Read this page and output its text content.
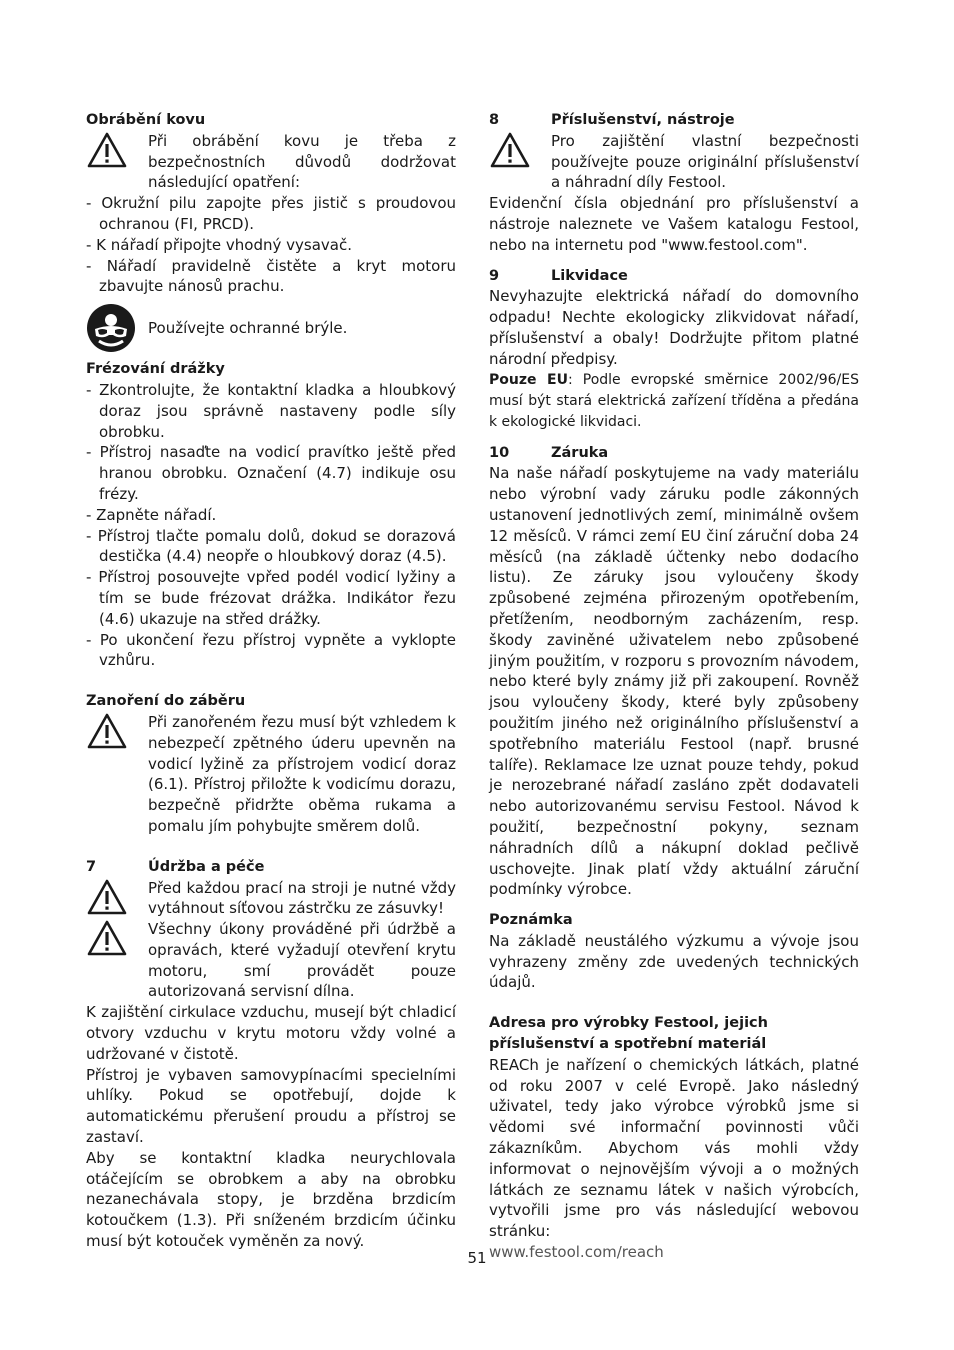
Obrábění kovu

Při obrábění kovu je třeba z bezpečnostních důvodů dodržovat následující opatření:

- Okružní pilu zapojte přes jistič s proudovou ochranou (FI, PRCD).
- K nářadí připojte vhodný vysavač.
- Nářadí pravidelně čistěte a kryt motoru zbavujte nánosů prachu.

Používejte ochranné brýle.

Frézování drážky
- Zkontrolujte, že kontaktní kladka a hloubkový doraz jsou správně nastaveny podle síly obrobku.
- Přístroj nasaďte na vodicí pravítko ještě před hranou obrobku. Označení (4.7) indikuje osu frézy.
- Zapněte nářadí.
- Přístroj tlačte pomalu dolů, dokud se dorazová destička (4.4) neopře o hloubkový doraz (4.5).
- Přístroj posouvejte vpřed podél vodicí lyžiny a tím se bude frézovat drážka. Indikátor řezu (4.6) ukazuje na střed drážky.
- Po ukončení řezu přístroj vypněte a vyklopte vzhůru.
Zanoření do záběru

Při zanořeném řezu musí být vzhledem k nebezpečí zpětného úderu upevněn na vodicí lyžině za přístrojem vodicí doraz (6.1). Přístroj přiložte k vodicímu dorazu, bezpečně přidržte oběma rukama a pomalu jím pohybujte směrem dolů.

7	Údržba a péče

Před každou prací na stroji je nutné vždy vytáhnout síťovou zástrčku ze zásuvky!

Všechny úkony prováděné při údržbě a opravách, které vyžadují otevření krytu motoru, smí provádět pouze autorizovaná servisní dílna.

K zajištění cirkulace vzduchu, musejí být chladicí otvory vzduchu v krytu motoru vždy volné a udržované v čistotě.

Přístroj je vybaven samovypínacími specielními uhlíky. Pokud se opotřebují, dojde k automatickému přerušení proudu a přístroj se zastaví.

Aby se kontaktní kladka neurychlovala otáčejícím se obrobkem a aby na obrobku nezanechávala stopy, je brzděna brzdicím kotoučkem (1.3). Při sníženém brzdicím účinku musí být kotouček vyměněn za nový.

8	Příslušenství, nástroje

Pro zajištění vlastní bezpečnosti používejte pouze originální příslušenství a náhradní díly Festool.

Evidenční čísla objednání pro příslušenství a nástroje naleznete ve Vašem katalogu Festool, nebo na internetu pod "www.festool.com".

9	Likvidace

Nevyhazujte elektrická nářadí do domovního odpadu! Nechte ekologicky zlikvidovat nářadí, příslušenství a obaly! Dodržujte přitom platné národní předpisy.

Pouze EU: Podle evropské směrnice 2002/96/ES musí být stará elektrická zařízení tříděna a předána k ekologické likvidaci.

10	Záruka

Na naše nářadí poskytujeme na vady materiálu nebo výrobní vady záruku podle zákonných ustanovení jednotlivých zemí, minimálně ovšem 12 měsíců. V rámci zemí EU činí záruční doba 24 měsíců (na základě účtenky nebo dodacího listu). Ze záruky jsou vyloučeny škody způsobené zejména přirozeným opotřebením, přetížením, neodborným zacházením, resp. škody zaviněné uživatelem nebo způsobené jiným použitím, v rozporu s provozním návodem, nebo které byly známy již při zakoupení. Rovněž jsou vyloučeny škody, které byly způsobeny použitím jiného než originálního příslušenství a spotřebního materiálu Festool (např. brusné talíře). Reklamace lze uznat pouze tehdy, pokud je nerozebrané nářadí zasláno zpět dodavateli nebo autorizovanému servisu Festool. Návod k použití, bezpečnostní pokyny, seznam náhradních dílů a nákupní doklad pečlivě uschovejte. Jinak platí vždy aktuální záruční podmínky výrobce.

Poznámka

Na základě neustálého výzkumu a vývoje jsou vyhrazeny změny zde uvedených technických údajů.

Adresa pro výrobky Festool, jejich příslušenství a spotřební materiál

REACh je nařízení o chemických látkách, platné od roku 2007 v celé Evropě. Jako následný uživatel, tedy jako výrobce výrobků jsme si vědomi své informační povinnosti vůči zákazníkům. Abychom vás mohli vždy informovat o nejnovějším vývoji a o možných látkách ze seznamu látek v našich výrobcích, vytvořili jsme pro vás následující webovou stránku:

www.festool.com/reach

51
